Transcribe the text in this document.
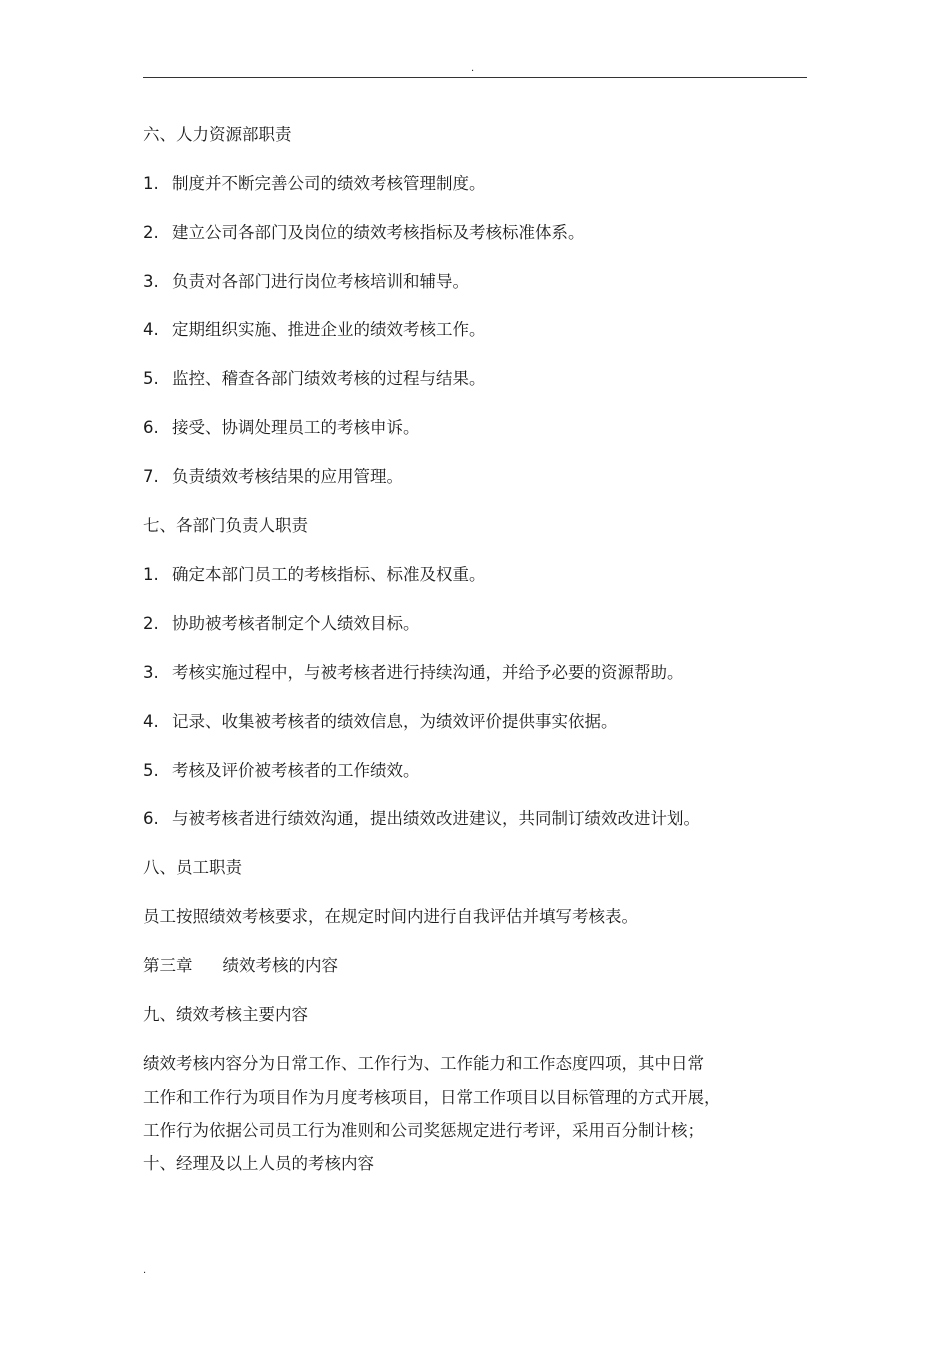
.
六、人力资源部职责
1. 制度并不断完善公司的绩效考核管理制度。
2. 建立公司各部门及岗位的绩效考核指标及考核标准体系。
3. 负责对各部门进行岗位考核培训和辅导。
4. 定期组织实施、推进企业的绩效考核工作。
5. 监控、稽查各部门绩效考核的过程与结果。
6. 接受、协调处理员工的考核申诉。
7. 负责绩效考核结果的应用管理。
七、各部门负责人职责
1. 确定本部门员工的考核指标、标准及权重。
2. 协助被考核者制定个人绩效目标。
3. 考核实施过程中，与被考核者进行持续沟通，并给予必要的资源帮助。
4. 记录、收集被考核者的绩效信息，为绩效评价提供事实依据。
5. 考核及评价被考核者的工作绩效。
6. 与被考核者进行绩效沟通，提出绩效改进建议，共同制订绩效改进计划。
八、员工职责
员工按照绩效考核要求，在规定时间内进行自我评估并填写考核表。
第三章 绩效考核的内容
九、绩效考核主要内容
绩效考核内容分为日常工作、工作行为、工作能力和工作态度四项，其中日常
工作和工作行为项目作为月度考核项目，日常工作项目以目标管理的方式开展，
工作行为依据公司员工行为准则和公司奖惩规定进行考评，采用百分制计核；
十、经理及以上人员的考核内容
.
